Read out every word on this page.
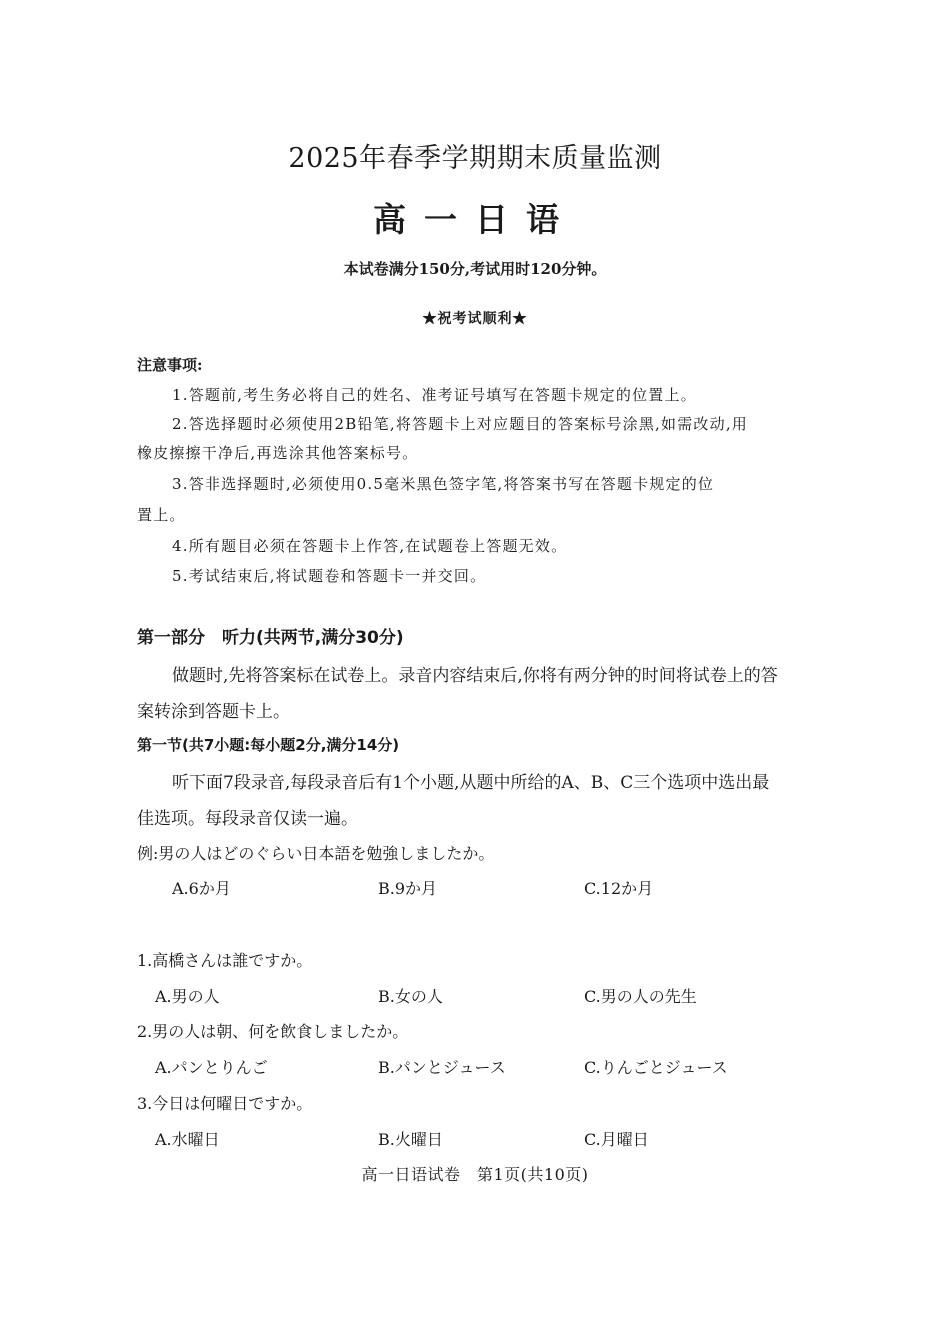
2025年春季学期期末质量监测
高一日语
本试卷满分150分,考试用时120分钟。
★祝考试顺利★
注意事项:
1.答题前,考生务必将自己的姓名、准考证号填写在答题卡规定的位置上。
2.答选择题时必须使用2B铅笔,将答题卡上对应题目的答案标号涂黑,如需改动,用
橡皮擦擦干净后,再选涂其他答案标号。
3.答非选择题时,必须使用0.5毫米黑色签字笔,将答案书写在答题卡规定的位
置上。
4.所有题目必须在答题卡上作答,在试题卷上答题无效。
5.考试结束后,将试题卷和答题卡一并交回。
第一部分　听力(共两节,满分30分)
做题时,先将答案标在试卷上。录音内容结束后,你将有两分钟的时间将试卷上的答
案转涂到答题卡上。
第一节(共7小题:每小题2分,满分14分)
听下面7段录音,每段录音后有1个小题,从题中所给的A、B、C三个选项中选出最
佳选项。每段录音仅读一遍。
例:男の人はどのぐらい日本語を勉強しましたか。
A.6か月	B.9か月	C.12か月
1.高橋さんは誰ですか。
A.男の人	B.女の人	C.男の人の先生
2.男の人は朝、何を飲食しましたか。
A.パンとりんご	B.パンとジュース	C.りんごとジュース
3.今日は何曜日ですか。
A.水曜日	B.火曜日	C.月曜日
高一日语试卷　第1页(共10页)
